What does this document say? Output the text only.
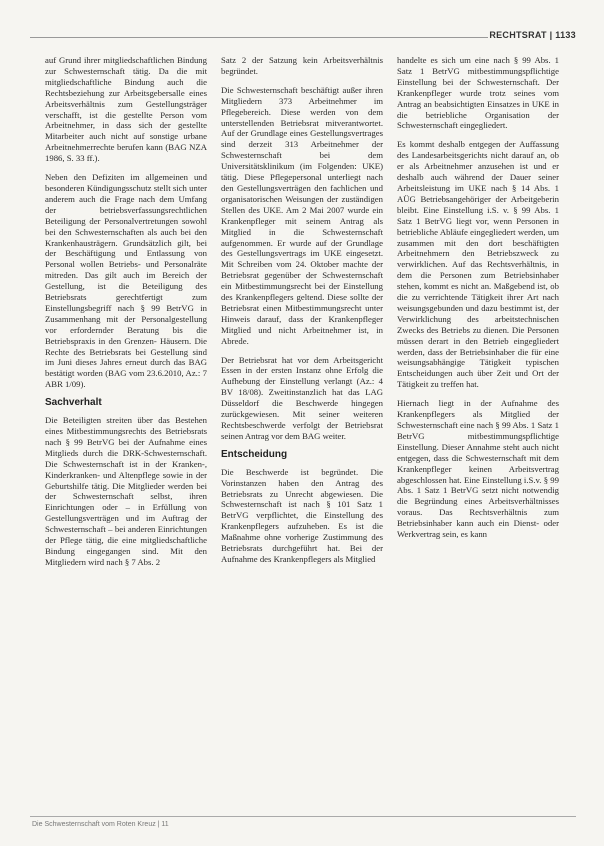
RECHTSRAT | 1133

auf Grund ihrer mitgliedschaftlichen Bindung zur Schwesternschaft tätig. Da die mit mitgliedschaftliche Bindung auch die Rechtsbeziehung zur Arbeitsgebersalle eines Arbeitsverhältnis zum Gestellungsträger verschafft, ist die gestellte Person vom Arbeitnehmer, in dass sich der gestellte Mitarbeiter auch nicht auf sonstige urbane Arbeitnehmerrechte berufen kann (BAG NZA 1986, S. 33 ff.).

Neben den Defiziten im allgemeinen und besonderen Kündigungsschutz stellt sich unter anderem auch die Frage nach dem Umfang der betriebsverfassungsrechtlichen Beteiligung der Personalvertretungen sowohl bei den Schwesternschaften als auch bei den Krankenhausträgern. Grundsätzlich gilt, bei der Beschäftigung und Entlassung von Personal wollen Betriebs- und Personalräte mitreden. Das gilt auch im Bereich der Gestellung, ist die Beteiligung des Betriebsrats gerechtfertigt zum Einstellungsbegriff nach § 99 BetrVG in Zusammenhang mit der Personalgestellung vor erfordernder Beratung bis die Betriebspraxis in den Grenzen- Häusern. Die Rechte des Betriebsrats bei Gestellung sind im Juni dieses Jahres erneut durch das BAG bestätigt worden (BAG vom 23.6.2010, Az.: 7 ABR 1/09).

Sachverhalt

Die Beteiligten streiten über das Bestehen eines Mitbestimmungsrechts des Betriebsrats nach § 99 BetrVG bei der Aufnahme eines Mitglieds durch die DRK-Schwesternschaft. Die Schwesternschaft ist in der Kranken-, Kinderkranken- und Altenpflege sowie in der Geburtshilfe tätig. Die Mitglieder werden bei der Schwesternschaft selbst, ihren Einrichtungen oder – in Erfüllung von Gestellungsverträgen und im Auftrag der Schwesternschaft – bei anderen Einrichtungen der Pflege tätig, die eine mitgliedschaftliche Bindung eingegangen sind. Mit den Mitgliedern wird nach § 7 Abs. 2

Satz 2 der Satzung kein Arbeitsverhältnis begründet.

Die Schwesternschaft beschäftigt außer ihren Mitgliedern 373 Arbeitnehmer im Pflegebereich. Diese werden von dem unterstellenden Betriebsrat mitverantwortet. Auf der Grundlage eines Gestellungsvertrages sind derzeit 313 Arbeitnehmer der Schwesternschaft bei dem Universitätsklinikum (im Folgenden: UKE) tätig. Diese Pflegepersonal unterliegt nach den Gestellungsverträgen den fachlichen und organisatorischen Weisungen der zuständigen Stellen des UKE. Am 2 Mai 2007 wurde ein Krankenpfleger mit seinem Antrag als Mitglied in die Schwesternschaft aufgenommen. Er wurde auf der Grundlage des Gestellungsvertrags im UKE eingesetzt. Mit Schreiben vom 24. Oktober machte der Betriebsrat gegenüber der Schwesternschaft ein Mitbestimmungsrecht bei der Einstellung des Krankenpflegers geltend. Diese sollte der Betriebsrat einen Mitbestimmungsrecht unter Hinweis darauf, dass der Krankenpfleger Mitglied und nicht Arbeitnehmer ist, in Abrede.

Der Betriebsrat hat vor dem Arbeitsgericht Essen in der ersten Instanz ohne Erfolg die Aufhebung der Einstellung verlangt (Az.: 4 BV 18/08). Zweitinstanzlich hat das LAG Düsseldorf die Beschwerde hingegen zurückgewiesen. Mit seiner weiteren Rechtsbeschwerde verfolgt der Betriebsrat seinen Antrag vor dem BAG weiter.

Entscheidung

Die Beschwerde ist begründet. Die Vorinstanzen haben den Antrag des Betriebsrats zu Unrecht abgewiesen. Die Schwesternschaft ist nach § 101 Satz 1 BetrVG verpflichtet, die Einstellung des Krankenpflegers aufzuheben. Es ist die Maßnahme ohne vorherige Zustimmung des Betriebsrats durchgeführt hat. Bei der Aufnahme des Krankenpflegers als Mitglied

handelte es sich um eine nach § 99 Abs. 1 Satz 1 BetrVG mitbestimmungspflichtige Einstellung bei der Schwesternschaft. Der Krankenpfleger wurde trotz seines vom Antrag an beabsichtigten Einsatzes in UKE in die betriebliche Organisation der Schwesternschaft eingegliedert.

Es kommt deshalb entgegen der Auffassung des Landesarbeitsgerichts nicht darauf an, ob er als Arbeitnehmer anzusehen ist und er deshalb auch während der Dauer seiner Arbeitsleistung im UKE nach § 14 Abs. 1 AÜG Betriebsangehöriger der Arbeitgeberin bleibt. Eine Einstellung i.S. v. § 99 Abs. 1 Satz 1 BetrVG liegt vor, wenn Personen in betriebliche Abläufe eingegliedert werden, um zusammen mit den dort beschäftigten Arbeitnehmern den Betriebszweck zu verwirklichen. Auf das Rechtsverhältnis, in dem die Personen zum Betriebsinhaber stehen, kommt es nicht an. Maßgebend ist, ob die zu verrichtende Tätigkeit ihrer Art nach weisungsgebunden und dazu bestimmt ist, der Verwirklichung des arbeitstechnischen Zwecks des Betriebs zu dienen. Die Personen müssen derart in den Betrieb eingegliedert werden, dass der Betriebsinhaber die für eine weisungsabhängige Tätigkeit typischen Entscheidungen auch über Zeit und Ort der Tätigkeit zu treffen hat.

Hiernach liegt in der Aufnahme des Krankenpflegers als Mitglied der Schwesternschaft eine nach § 99 Abs. 1 Satz 1 BetrVG mitbestimmungspflichtige Einstellung. Dieser Annahme steht auch nicht entgegen, dass die Schwesternschaft mit dem Krankenpfleger keinen Arbeitsvertrag abgeschlossen hat. Eine Einstellung i.S.v. § 99 Abs. 1 Satz 1 BetrVG setzt nicht notwendig die Begründung eines Arbeitsverhältnisses voraus. Das Rechtsverhältnis zum Betriebsinhaber kann auch ein Dienst- oder Werkvertrag sein, es kann

Die Schwesternschaft vom Roten Kreuz | 11
